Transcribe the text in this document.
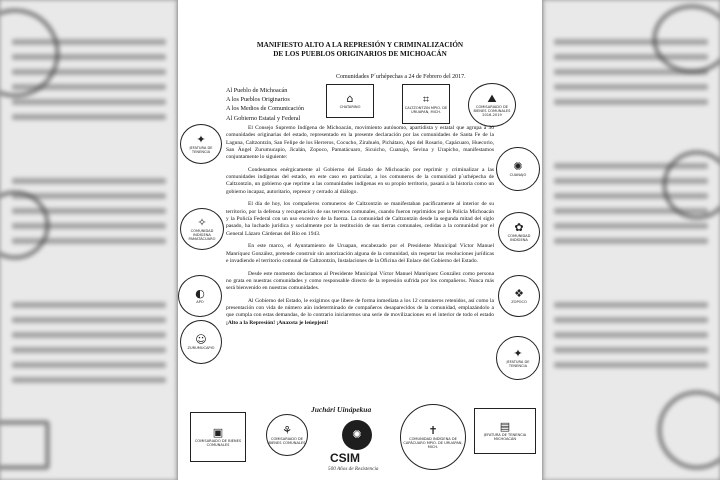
MANIFIESTO ALTO A LA REPRESIÓN Y CRIMINALIZACIÓN
DE LOS PUEBLOS ORIGINARIOS DE MICHOACÁN
⌂
CHATARINO
⌗
CALTZONTZIN MPIO. DE URUAPAN, MICH.
⛰
COMISARIADO DE BIENES COMUNALES 2016-2019
Comunidades P´urhépechas a 24 de Febrero del 2017.
Al Pueblo de Michoacán
A los Pueblos Originarios
A los Medios de Comunicación
Al Gobierno Estatal y Federal

El Consejo Supremo Indígena de Michoacán, movimiento autónomo, apartidista y estatal que agrupa a 30 comunidades originarias del estado, representado en la presente declaración por las comunidades de Santa Fe de la Laguna, Caltzontzin, San Felipe de los Herreros, Cocucho, Zirahuén, Pichátaro, Apo del Rosario, Capácuaro, Huecorio, San Ángel Zurumucapio, Jicalán, Zopoco, Pamatácuaro, Sicuicho, Cuanajo, Sevina y Urapicho, manifestamos conjuntamente lo siguiente:

Condenamos enérgicamente al Gobierno del Estado de Michoacán por reprimir y criminalizar a las comunidades indígenas del estado, en este caso en particular, a los comuneros de la comunidad p´urhépecha de Caltzontzin, un gobierno que reprime a las comunidades indígenas en su propio territorio, pasará a la historia como un gobierno incapaz, autoritario, represor y cerrado al diálogo.

El día de hoy, los compañeros comuneros de Caltzontzin se manifestaban pacíficamente al interior de su territorio, por la defensa y recuperación de sus terrenos comunales, cuando fueron reprimidos por la Policía Michoacán y la Policía Federal con un uso excesivo de la fuerza. La comunidad de Caltzontzin desde la segunda mitad del siglo pasado, ha luchado jurídica y socialmente por la restitución de sus tierras comunales, cedidas a la comunidad por el General Lázaro Cárdenas del Río en 1943.

En este marco, el Ayuntamiento de Uruapan, encabezado por el Presidente Municipal Víctor Manuel Manríquez González, pretende construir sin autorización alguna de la comunidad, sin respetar las resoluciones jurídicas e invadiendo el territorio comunal de Caltzontzin, Instalaciones de la Oficina del Enlace del Gobierno del Estado.

Desde este momento declaramos al Presidente Municipal Víctor Manuel Manríquez González como persona no grata en nuestras comunidades y como responsable directo de la represión sufrida por los compañeros. Nunca más será bienvenido en nuestras comunidades.

Al Gobierno del Estado, le exigimos que libere de forma inmediata a los 12 comuneros retenidos, así como la presentación con vida de número aún indeterminado de compañeros desaparecidos de la comunidad, emplazándolo a que cumpla con estas demandas, de lo contrario iniciaremos una serie de movilizaciones en el interior de todo el estado ¡Alto a la Represión! ¡Anaxsta je leúepjeni!

✦
JEFATURA DE TENENCIA
✧
COMUNIDAD INDÍGENA PAMATÁCUARO
◐
APO
☺
ZURUMUCAPIO
✺
CUANAJO
✿
COMUNIDAD INDÍGENA
❖
ZOPOCO
✦
JEFATURA DE TENENCIA
▣
COMISARIADO DE BIENES COMUNALES
⚘
COMISARIADO DE BIENES COMUNALES
Juchári Uinápekua
✺
CSIM
500 Años de Resistencia
✝
COMUNIDAD INDÍGENA DE CAPÁCUARO MPIO. DE URUAPAN, MICH.
▤
JEFATURA DE TENENCIA MICHOACÁN
